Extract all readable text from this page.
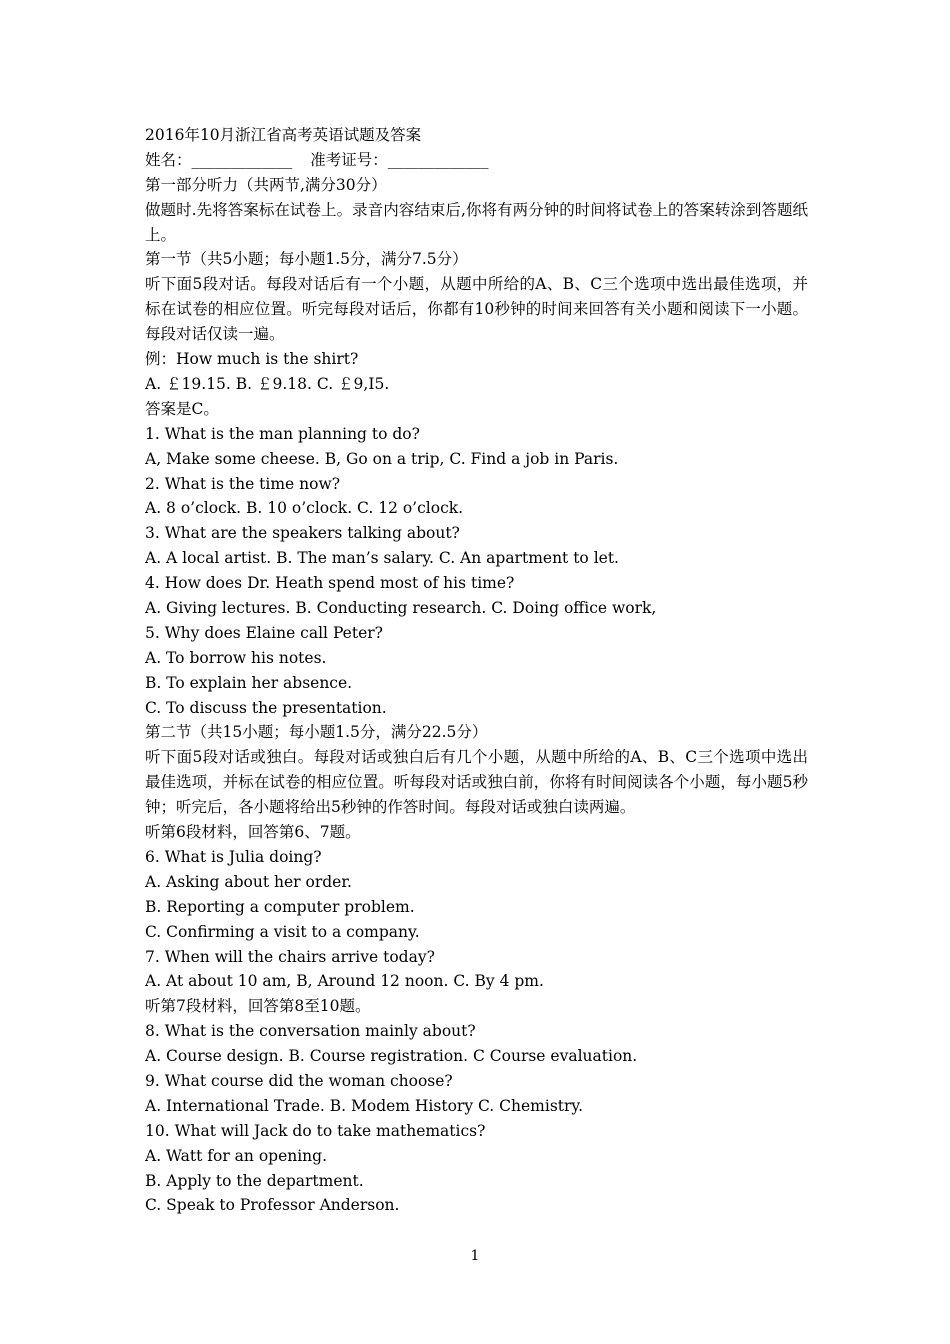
2016年10月浙江省高考英语试题及答案
姓名：_____________ 准考证号：_____________
第一部分听力（共两节,满分30分）
做题时.先将答案标在试卷上。录音内容结束后,你将有两分钟的时间将试卷上的答案转涂到答题纸上。
第一节（共5小题；每小题1.5分，满分7.5分）
听下面5段对话。每段对话后有一个小题，从题中所给的A、B、C三个选项中选出最佳选项，并标在试卷的相应位置。听完每段对话后，你都有10秒钟的时间来回答有关小题和阅读下一小题。每段对话仅读一遍。
例：How much is the shirt?
A. ￡19.15. B. ￡9.18. C. ￡9,I5.
答案是C。
1. What is the man planning to do?
A, Make some cheese. B, Go on a trip, C. Find a job in Paris.
2. What is the time now?
A. 8 o’clock. B. 10 o’clock. C. 12 o’clock.
3. What are the speakers talking about?
A. A local artist. B. The man’s salary. C. An apartment to let.
4. How does Dr. Heath spend most of his time?
A. Giving lectures. B. Conducting research. C. Doing office work,
5. Why does Elaine call Peter?
A. To borrow his notes.
B. To explain her absence.
C. To discuss the presentation.
第二节（共15小题；每小题1.5分，满分22.5分）
听下面5段对话或独白。每段对话或独白后有几个小题，从题中所给的A、B、C三个选项中选出最佳选项，并标在试卷的相应位置。听每段对话或独白前，你将有时间阅读各个小题，每小题5秒钟；听完后，各小题将给出5秒钟的作答时间。每段对话或独白读两遍。
听第6段材料，回答第6、7题。
6. What is Julia doing?
A. Asking about her order.
B. Reporting a computer problem.
C. Confirming a visit to a company.
7. When will the chairs arrive today?
A. At about 10 am, B, Around 12 noon. C. By 4 pm.
听第7段材料，回答第8至10题。
8. What is the conversation mainly about?
A. Course design. B. Course registration. C Course evaluation.
9. What course did the woman choose?
A. International Trade. B. Modem History C. Chemistry.
10. What will Jack do to take mathematics?
A. Watt for an opening.
B. Apply to the department.
C. Speak to Professor Anderson.
1
